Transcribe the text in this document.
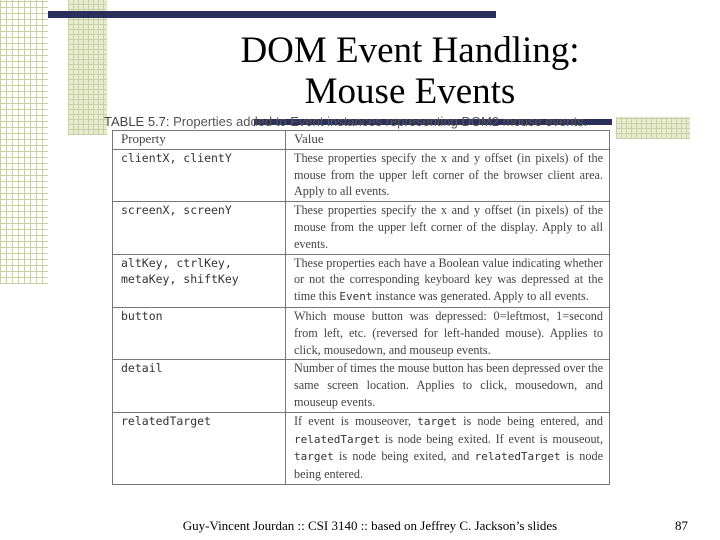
DOM Event Handling:
Mouse Events
TABLE 5.7: Properties added to Event instances representing DOM2 mouse events.
Property	Value
clientX, clientY	These properties specify the x and y offset (in pixels) of the mouse from the upper left corner of the browser client area. Apply to all events.
screenX, screenY	These properties specify the x and y offset (in pixels) of the mouse from the upper left corner of the display. Apply to all events.
altKey, ctrlKey, metaKey, shiftKey	These properties each have a Boolean value indicating whether or not the corresponding keyboard key was depressed at the time this Event instance was generated. Apply to all events.
button	Which mouse button was depressed: 0=leftmost, 1=second from left, etc. (reversed for left-handed mouse). Applies to click, mousedown, and mouseup events.
detail	Number of times the mouse button has been depressed over the same screen location. Applies to click, mousedown, and mouseup events.
relatedTarget	If event is mouseover, target is node being entered, and relatedTarget is node being exited. If event is mouseout, target is node being exited, and relatedTarget is node being entered.
Guy-Vincent Jourdan :: CSI 3140 :: based on Jeffrey C. Jackson’s slides	87
